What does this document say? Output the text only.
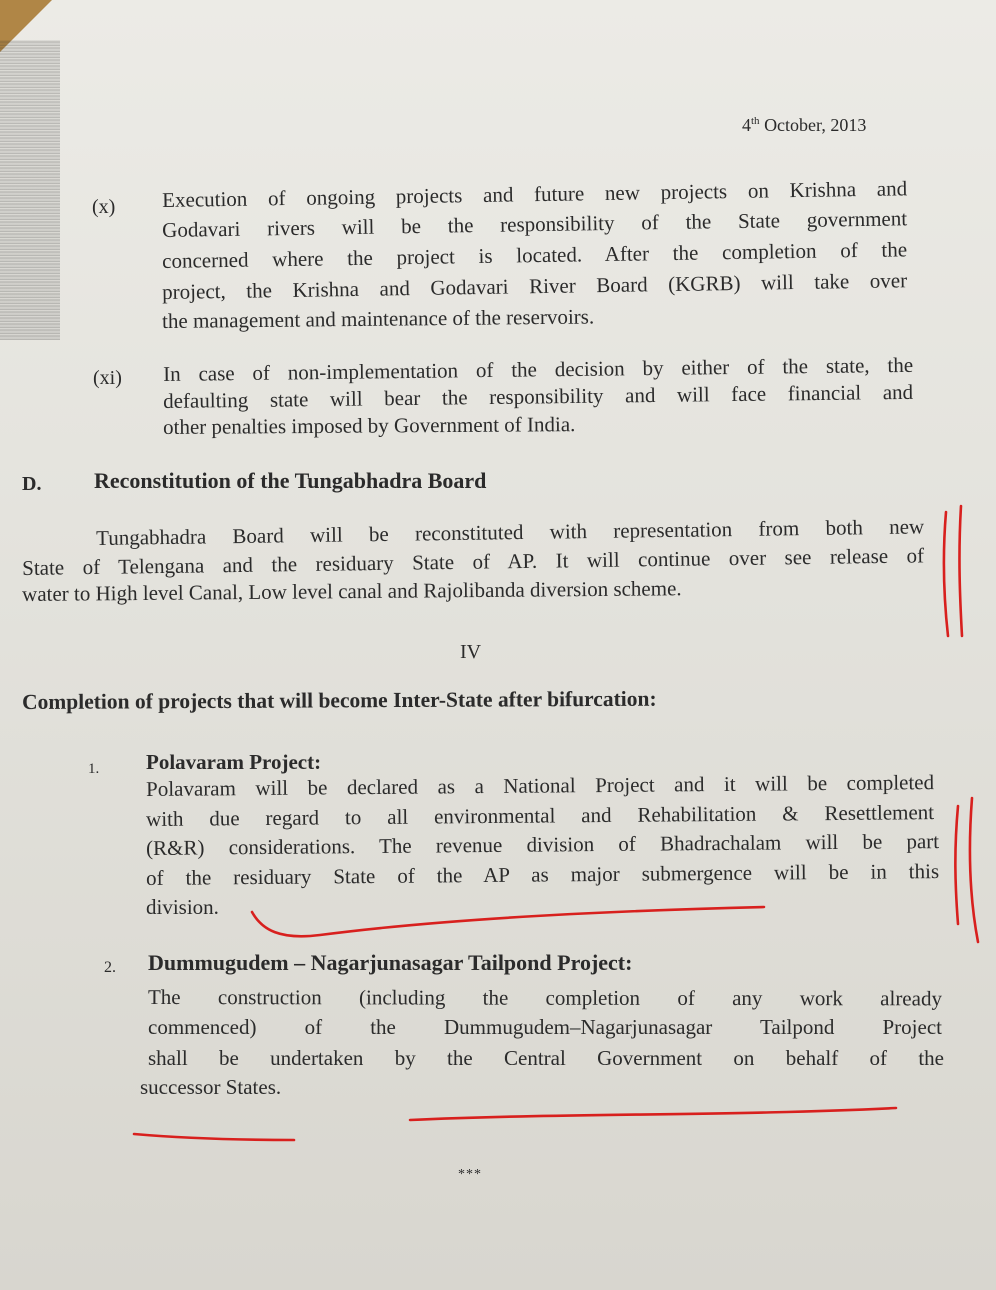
4th October, 2013
(x) Execution of ongoing projects and future new projects on Krishna and
Godavari rivers will be the responsibility of the State government
concerned where the project is located. After the completion of the
project, the Krishna and Godavari River Board (KGRB) will take over
the management and maintenance of the reservoirs.
(xi) In case of non-implementation of the decision by either of the state, the
defaulting state will bear the responsibility and will face financial and
other penalties imposed by Government of India.
D. Reconstitution of the Tungabhadra Board
Tungabhadra Board will be reconstituted with representation from both new
State of Telengana and the residuary State of AP. It will continue over see release of
water to High level Canal, Low level canal and Rajolibanda diversion scheme.
IV
Completion of projects that will become Inter-State after bifurcation:
1. Polavaram Project:
Polavaram will be declared as a National Project and it will be completed
with due regard to all environmental and Rehabilitation & Resettlement
(R&R) considerations. The revenue division of Bhadrachalam will be part
of the residuary State of the AP as major submergence will be in this
division.
2. Dummugudem – Nagarjunasagar Tailpond Project:
The construction (including the completion of any work already
commenced) of the Dummugudem–Nagarjunasagar Tailpond Project
shall be undertaken by the Central Government on behalf of the
successor States.
***
